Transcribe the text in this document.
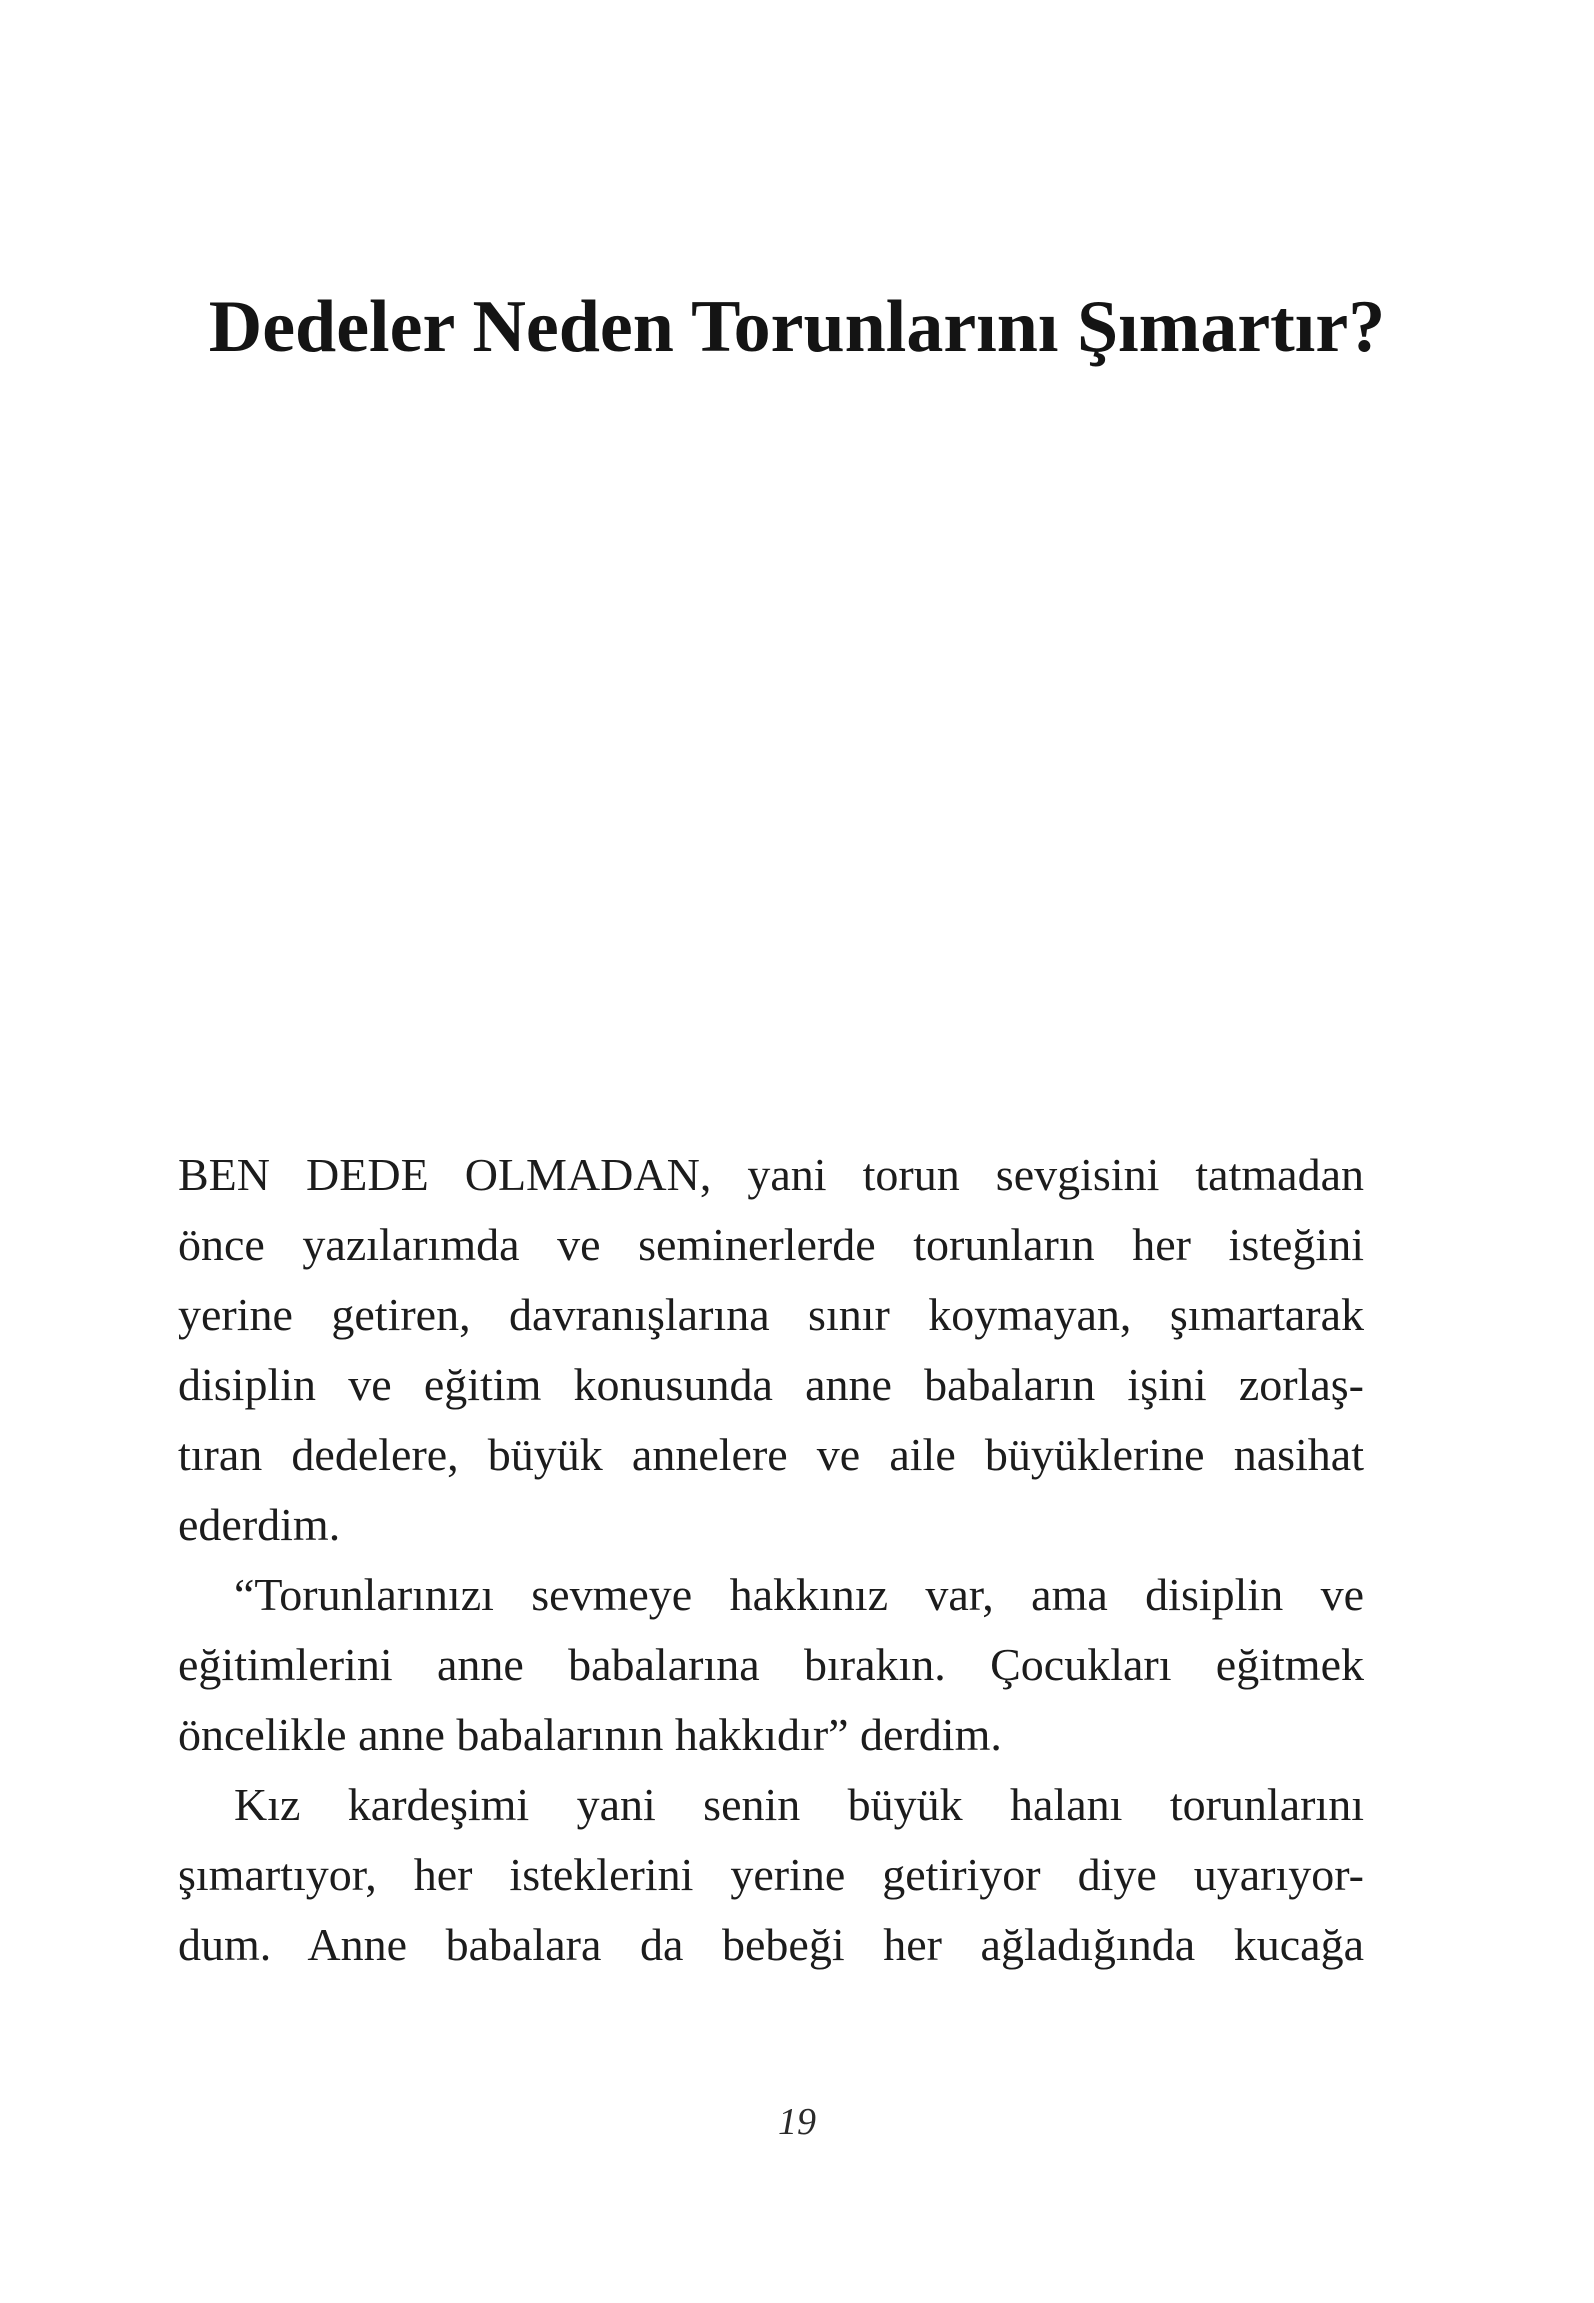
Dedeler Neden Torunlarını Şımartır?
BEN DEDE OLMADAN, yani torun sevgisini tatmadan
önce yazılarımda ve seminerlerde torunların her isteğini
yerine getiren, davranışlarına sınır koymayan, şımartarak
disiplin ve eğitim konusunda anne babaların işini zorlaş-
tıran dedelere, büyük annelere ve aile büyüklerine nasihat
ederdim.
“Torunlarınızı sevmeye hakkınız var, ama disiplin ve
eğitimlerini anne babalarına bırakın. Çocukları eğitmek
öncelikle anne babalarının hakkıdır” derdim.
Kız kardeşimi yani senin büyük halanı torunlarını
şımartıyor, her isteklerini yerine getiriyor diye uyarıyor-
dum. Anne babalara da bebeği her ağladığında kucağa
19
